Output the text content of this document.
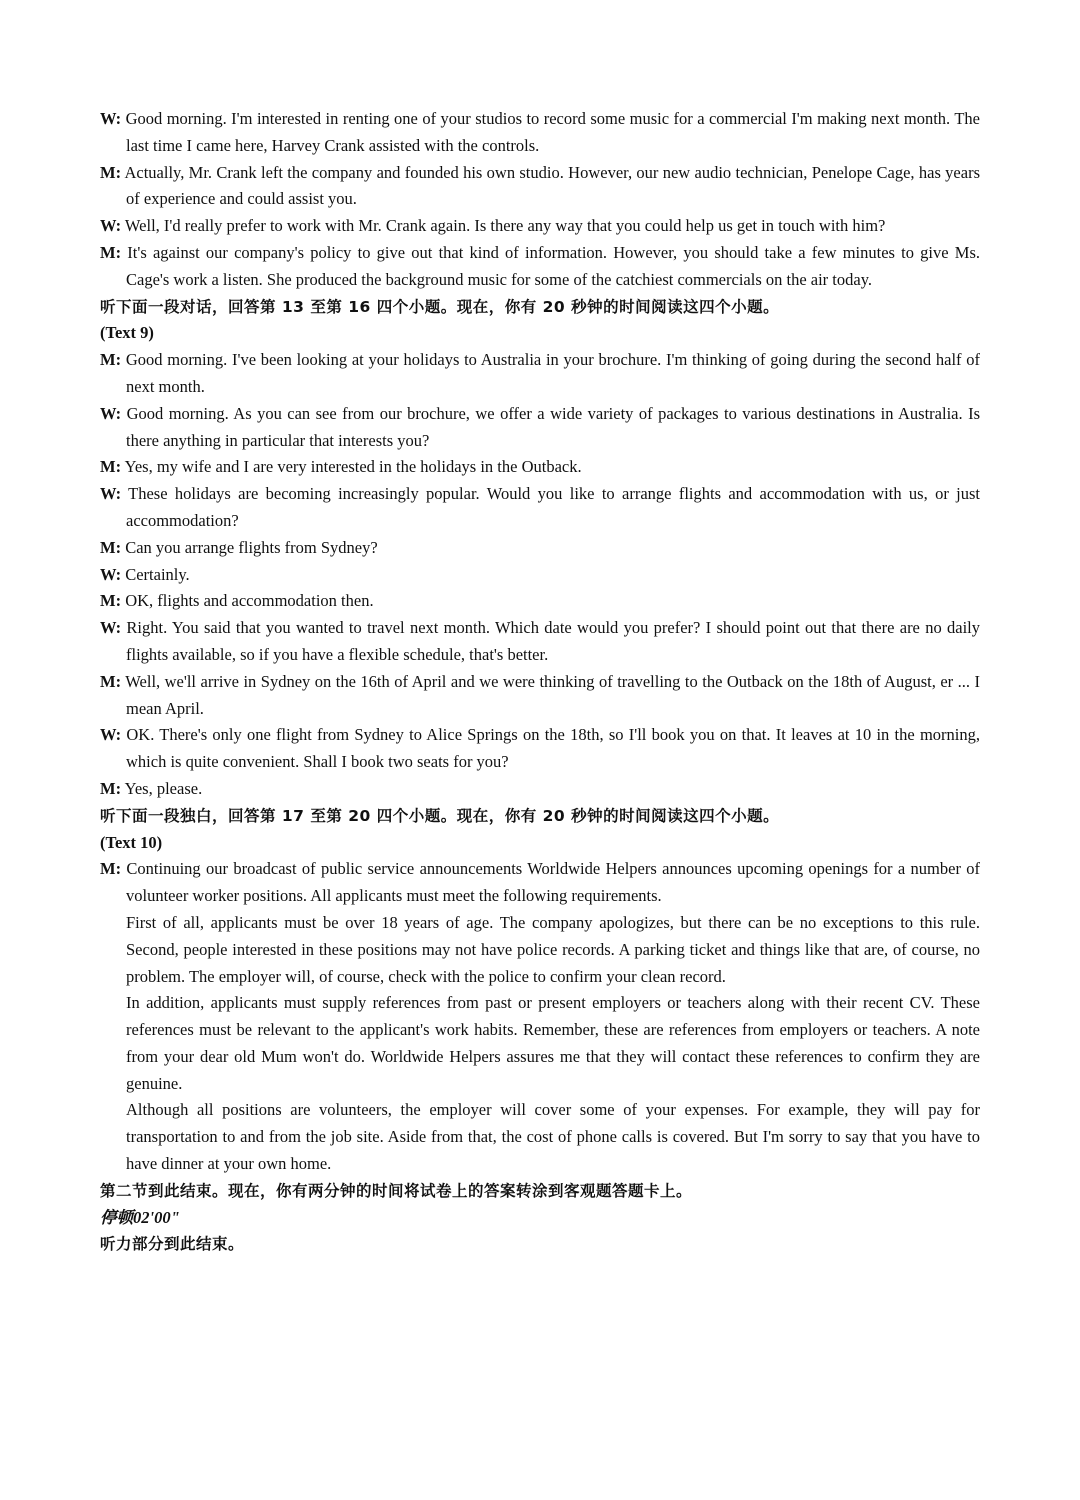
W: Good morning. I'm interested in renting one of your studios to record some music for a commercial I'm making next month. The last time I came here, Harvey Crank assisted with the controls.

M: Actually, Mr. Crank left the company and founded his own studio. However, our new audio technician, Penelope Cage, has years of experience and could assist you.

W: Well, I'd really prefer to work with Mr. Crank again. Is there any way that you could help us get in touch with him?

M: It's against our company's policy to give out that kind of information. However, you should take a few minutes to give Ms. Cage's work a listen. She produced the background music for some of the catchiest commercials on the air today.

听下面一段对话，回答第 13 至第 16 四个小题。现在，你有 20 秒钟的时间阅读这四个小题。

(Text 9)

M: Good morning. I've been looking at your holidays to Australia in your brochure. I'm thinking of going during the second half of next month.

W: Good morning. As you can see from our brochure, we offer a wide variety of packages to various destinations in Australia. Is there anything in particular that interests you?

M: Yes, my wife and I are very interested in the holidays in the Outback.

W: These holidays are becoming increasingly popular. Would you like to arrange flights and accommodation with us, or just accommodation?

M: Can you arrange flights from Sydney?

W: Certainly.

M: OK, flights and accommodation then.

W: Right. You said that you wanted to travel next month. Which date would you prefer? I should point out that there are no daily flights available, so if you have a flexible schedule, that's better.

M: Well, we'll arrive in Sydney on the 16th of April and we were thinking of travelling to the Outback on the 18th of August, er ... I mean April.

W: OK. There's only one flight from Sydney to Alice Springs on the 18th, so I'll book you on that. It leaves at 10 in the morning, which is quite convenient. Shall I book two seats for you?

M: Yes, please.

听下面一段独白，回答第 17 至第 20 四个小题。现在，你有 20 秒钟的时间阅读这四个小题。

(Text 10)

M: Continuing our broadcast of public service announcements Worldwide Helpers announces upcoming openings for a number of volunteer worker positions. All applicants must meet the following requirements.

First of all, applicants must be over 18 years of age. The company apologizes, but there can be no exceptions to this rule. Second, people interested in these positions may not have police records. A parking ticket and things like that are, of course, no problem. The employer will, of course, check with the police to confirm your clean record.

In addition, applicants must supply references from past or present employers or teachers along with their recent CV. These references must be relevant to the applicant's work habits. Remember, these are references from employers or teachers. A note from your dear old Mum won't do. Worldwide Helpers assures me that they will contact these references to confirm they are genuine.

Although all positions are volunteers, the employer will cover some of your expenses. For example, they will pay for transportation to and from the job site. Aside from that, the cost of phone calls is covered. But I'm sorry to say that you have to have dinner at your own home.

第二节到此结束。现在，你有两分钟的时间将试卷上的答案转涂到客观题答题卡上。

停顿02'00"

听力部分到此结束。
